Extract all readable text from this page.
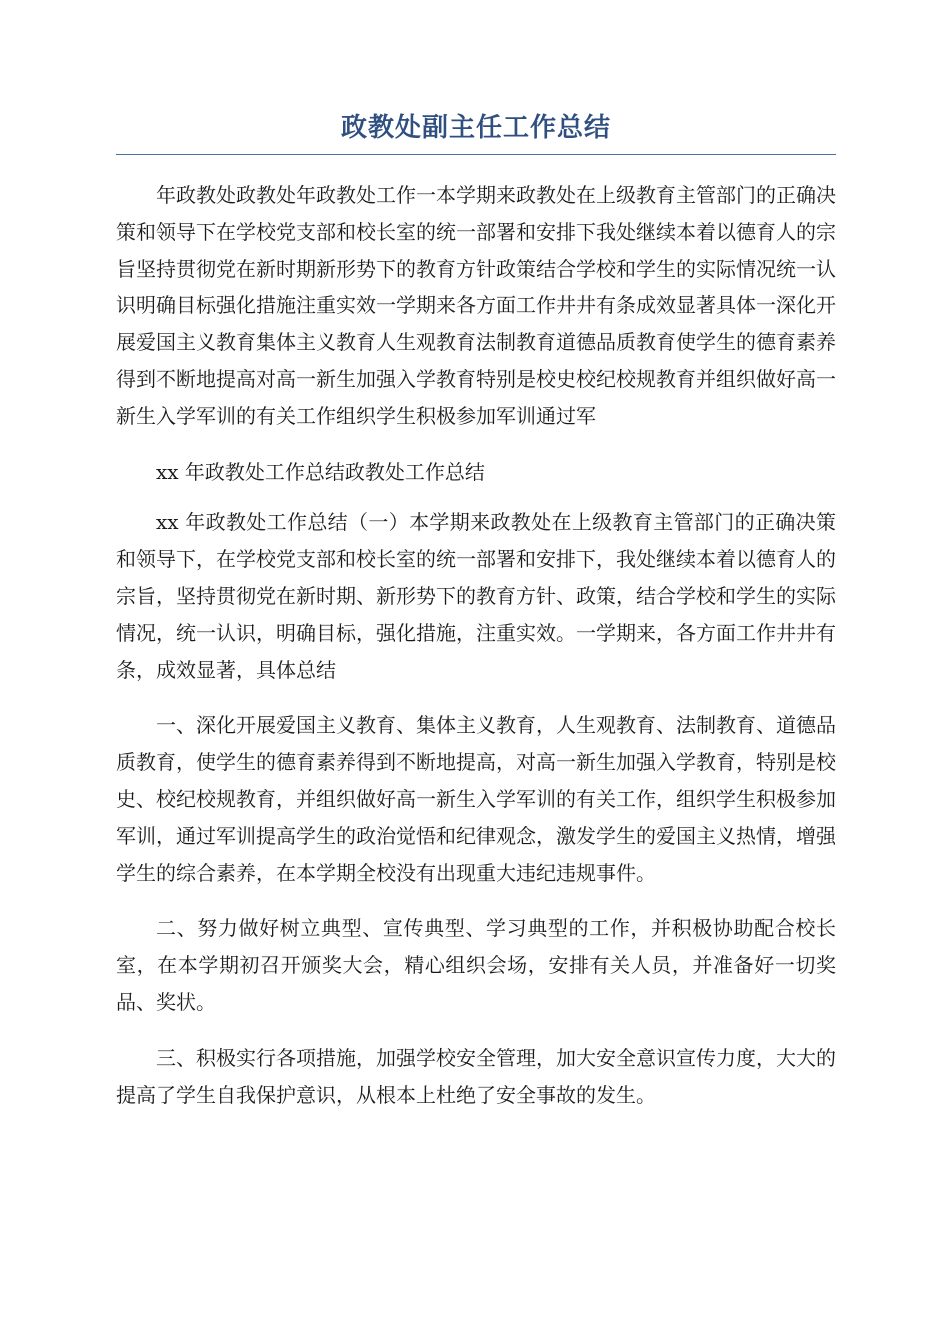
政教处副主任工作总结

年政教处政教处年政教处工作一本学期来政教处在上级教育主管部门的正确决策和领导下在学校党支部和校长室的统一部署和安排下我处继续本着以德育人的宗旨坚持贯彻党在新时期新形势下的教育方针政策结合学校和学生的实际情况统一认识明确目标强化措施注重实效一学期来各方面工作井井有条成效显著具体一深化开展爱国主义教育集体主义教育人生观教育法制教育道德品质教育使学生的德育素养得到不断地提高对高一新生加强入学教育特别是校史校纪校规教育并组织做好高一新生入学军训的有关工作组织学生积极参加军训通过军

xx 年政教处工作总结政教处工作总结

xx 年政教处工作总结（一）本学期来政教处在上级教育主管部门的正确决策和领导下，在学校党支部和校长室的统一部署和安排下，我处继续本着以德育人的宗旨，坚持贯彻党在新时期、新形势下的教育方针、政策，结合学校和学生的实际情况，统一认识，明确目标，强化措施，注重实效。一学期来，各方面工作井井有条，成效显著，具体总结

一、深化开展爱国主义教育、集体主义教育，人生观教育、法制教育、道德品质教育，使学生的德育素养得到不断地提高，对高一新生加强入学教育，特别是校史、校纪校规教育，并组织做好高一新生入学军训的有关工作，组织学生积极参加军训，通过军训提高学生的政治觉悟和纪律观念，激发学生的爱国主义热情，增强学生的综合素养，在本学期全校没有出现重大违纪违规事件。

二、努力做好树立典型、宣传典型、学习典型的工作，并积极协助配合校长室，在本学期初召开颁奖大会，精心组织会场，安排有关人员，并准备好一切奖品、奖状。

三、积极实行各项措施，加强学校安全管理，加大安全意识宣传力度，大大的提高了学生自我保护意识，从根本上杜绝了安全事故的发生。
